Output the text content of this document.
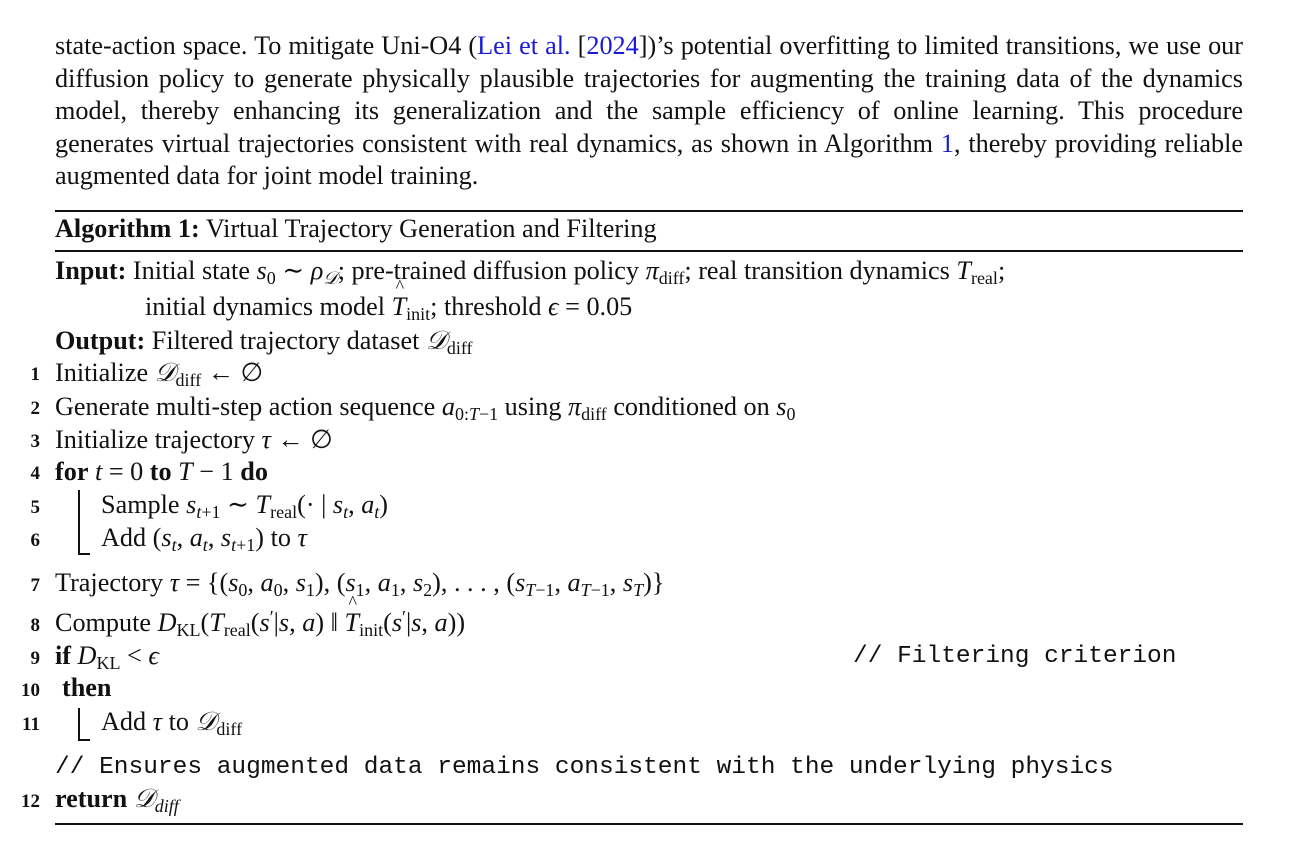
state-action space. To mitigate Uni-O4 (Lei et al. [2024])’s potential overfitting to limited transitions, we use our diffusion policy to generate physically plausible trajectories for augmenting the training data of the dynamics model, thereby enhancing its generalization and the sample efficiency of online learning. This procedure generates virtual trajectories consistent with real dynamics, as shown in Algorithm 1, thereby providing reliable augmented data for joint model training.

Algorithm 1: Virtual Trajectory Generation and Filtering
Input: Initial state $s_0$ ∼ $\rho_𝒟$; pre-trained diffusion policy $\pi_{diff}$; real transition dynamics $T_{real}$;
initial dynamics model ^ $T_{init}$; threshold ϵ = 0.05
Output: Filtered trajectory dataset 𝒟$_{diff}$
1 Initialize 𝒟$_{diff}$ ← ∅
2 Generate multi-step action sequence $a_{0:T-1}$ using $\pi_{diff}$ conditioned on $s_0$
3 Initialize trajectory τ ← ∅
4 for t = 0 to T − 1 do
5 Sample $s_{t+1}$ ∼ $T_{real}(\cdot$ | $s_t$, $a_t$)
6 Add ($s_t$, $a_t$, $s_{t+1}$) to τ
7 Trajectory $\tau = \{(s_0$, $a_0$, $s_1$), ($s_1$, $a_1$, $s_2$), . . . , ($s_{T-1}$, $a_{T-1}$, $s_T$)}
8 Compute $D_{KL}(T_{real}(s'|s$, a) ‖ ^ $T_{init}(s'|s$, a))
9 if $D_{KL} < \epsilon$	// Filtering criterion
10 then
11 Add τ to 𝒟$_{diff}$
// Ensures augmented data remains consistent with the underlying physics
12 return 𝒟$_{diff}$
